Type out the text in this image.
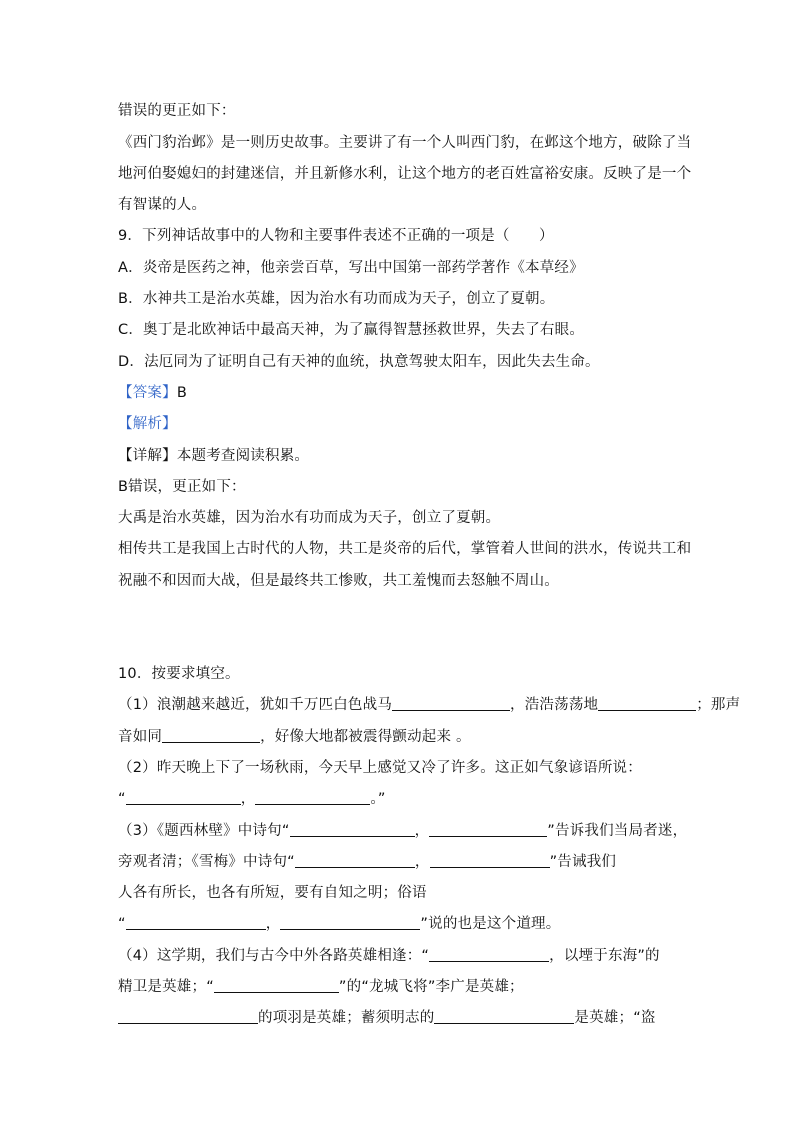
错误的更正如下：
《西门豹治邺》是一则历史故事。主要讲了有一个人叫西门豹，在邺这个地方，破除了当
地河伯娶媳妇的封建迷信，并且新修水利，让这个地方的老百姓富裕安康。反映了是一个
有智谋的人。
9．下列神话故事中的人物和主要事件表述不正确的一项是（　　）
A．炎帝是医药之神，他亲尝百草，写出中国第一部药学著作《本草经》
B．水神共工是治水英雄，因为治水有功而成为天子，创立了夏朝。
C．奥丁是北欧神话中最高天神，为了赢得智慧拯救世界，失去了右眼。
D．法厄同为了证明自己有天神的血统，执意驾驶太阳车，因此失去生命。
【答案】B
【解析】
【详解】本题考查阅读积累。
B错误，更正如下：
大禹是治水英雄，因为治水有功而成为天子，创立了夏朝。
相传共工是我国上古时代的人物，共工是炎帝的后代，掌管着人世间的洪水，传说共工和
祝融不和因而大战，但是最终共工惨败，共工羞愧而去怒触不周山。
10．按要求填空。
（1）浪潮越来越近，犹如千万匹白色战马	，浩浩荡荡地	；那声
音如同	，好像大地都被震得颤动起来 。
（2）昨天晚上下了一场秋雨，今天早上感觉又冷了许多。这正如气象谚语所说：
“	，	。”
（3）《题西林壁》中诗句“	，	”告诉我们当局者迷，
旁观者清；《雪梅》中诗句“	，	”告诫我们
人各有所长，也各有所短，要有自知之明；俗语
“	，	”说的也是这个道理。
（4）这学期，我们与古今中外各路英雄相逢：“	，以堙于东海”的
精卫是英雄；“	”的“龙城飞将”李广是英雄；
的项羽是英雄；蓄须明志的	是英雄；“盗
